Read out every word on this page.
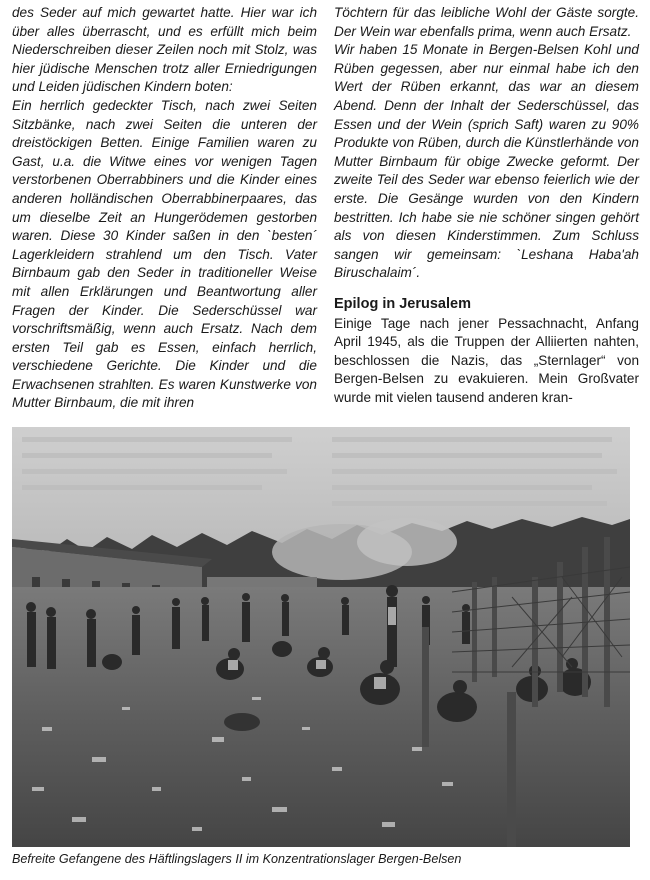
des Seder auf mich gewartet hatte. Hier war ich über alles überrascht, und es erfüllt mich beim Niederschreiben dieser Zeilen noch mit Stolz, was hier jüdische Menschen trotz aller Erniedrigungen und Leiden jüdischen Kindern boten:

Ein herrlich gedeckter Tisch, nach zwei Seiten Sitzbänke, nach zwei Seiten die unteren der dreistöckigen Betten. Einige Familien waren zu Gast, u.a. die Witwe eines vor wenigen Tagen verstorbenen Oberrabbiners und die Kinder eines anderen holländischen Oberrabbinerpaares, das um dieselbe Zeit an Hungerödemen gestorben waren. Diese 30 Kinder saßen in den `besten´ Lagerkleidern strahlend um den Tisch. Vater Birnbaum gab den Seder in traditioneller Weise mit allen Erklärungen und Beantwortung aller Fragen der Kinder. Die Sederschüssel war vorschriftsmäßig, wenn auch Ersatz. Nach dem ersten Teil gab es Essen, einfach herrlich, verschiedene Gerichte. Die Kinder und die Erwachsenen strahlten. Es waren Kunstwerke von Mutter Birnbaum, die mit ihren

Töchtern für das leibliche Wohl der Gäste sorgte. Der Wein war ebenfalls prima, wenn auch Ersatz.

Wir haben 15 Monate in Bergen-Belsen Kohl und Rüben gegessen, aber nur einmal habe ich den Wert der Rüben erkannt, das war an diesem Abend. Denn der Inhalt der Sederschüssel, das Essen und der Wein (sprich Saft) waren zu 90% Produkte von Rüben, durch die Künstlerhände von Mutter Birnbaum für obige Zwecke geformt. Der zweite Teil des Seder war ebenso feierlich wie der erste. Die Gesänge wurden von den Kindern bestritten. Ich habe sie nie schöner singen gehört als von diesen Kinderstimmen. Zum Schluss sangen wir gemeinsam: `Leshana Haba'ah Biruschalaim´.

Epilog in Jerusalem

Einige Tage nach jener Pessachnacht, Anfang April 1945, als die Truppen der Alliierten nahten, beschlossen die Nazis, das „Sternlager“ von Bergen-Belsen zu evakuieren. Mein Großvater wurde mit vielen tausend anderen kran-

Befreite Gefangene des Häftlingslagers II im Konzentrationslager Bergen-Belsen
